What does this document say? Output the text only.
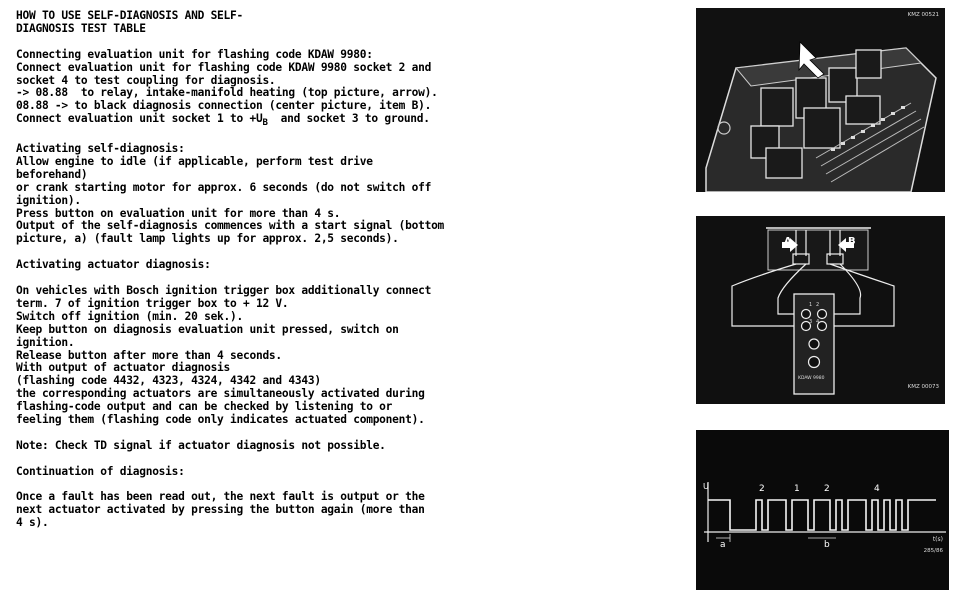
HOW TO USE SELF-DIAGNOSIS AND SELF-

DIAGNOSIS TEST TABLE

Connecting evaluation unit for flashing code KDAW 9980:

Connect evaluation unit for flashing code KDAW 9980 socket 2 and

socket 4 to test coupling for diagnosis.

-> 08.88  to relay, intake-manifold heating (top picture, arrow).

08.88 -> to black diagnosis connection (center picture, item B).

Connect evaluation unit socket 1 to $+U_B$  and socket 3 to ground.

Activating self-diagnosis:

Allow engine to idle (if applicable, perform test drive

beforehand)

or crank starting motor for approx. 6 seconds (do not switch off

ignition).

Press button on evaluation unit for more than 4 s.

Output of the self-diagnosis commences with a start signal (bottom

picture, a) (fault lamp lights up for approx. 2,5 seconds).

Activating actuator diagnosis:

On vehicles with Bosch ignition trigger box additionally connect

term. 7 of ignition trigger box to + 12 V.

Switch off ignition (min. 20 sek.).

Keep button on diagnosis evaluation unit pressed, switch on

ignition.

Release button after more than 4 seconds.

With output of actuator diagnosis

(flashing code 4432, 4323, 4324, 4342 and 4343)

the corresponding actuators are simultaneously activated during

flashing-code output and can be checked by listening to or

feeling them (flashing code only indicates actuated component).

Note: Check TD signal if actuator diagnosis not possible.

Continuation of diagnosis:

Once a fault has been read out, the next fault is output or the

next actuator activated by pressing the button again (more than

4 s).

KMZ 00521
A	B
1 2
3 4
KDAW 9980
KMZ 00073
U
t(s)
285/86
a	b
2	1	2	4
